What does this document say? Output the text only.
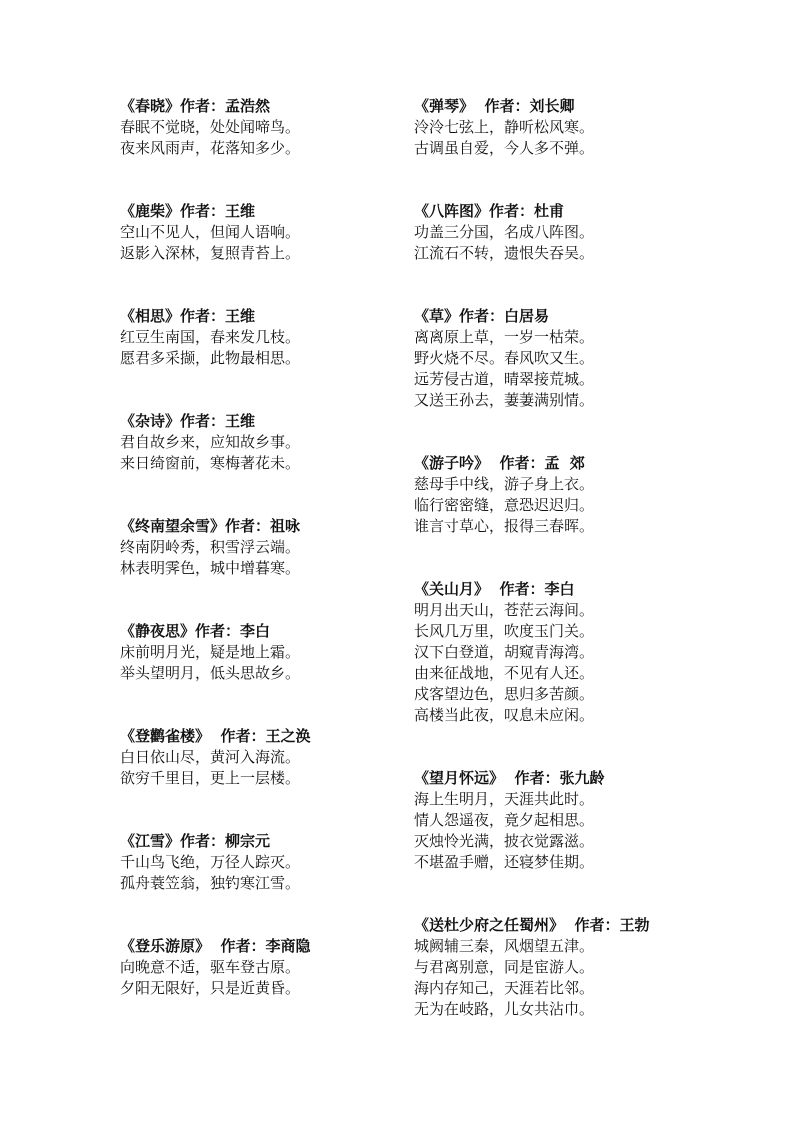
《春晓》作者：孟浩然
春眠不觉晓，处处闻啼鸟。
夜来风雨声，花落知多少。
《鹿柴》作者：王维
空山不见人，但闻人语响。
返影入深林，复照青苔上。
《相思》作者：王维
红豆生南国，春来发几枝。
愿君多采撷，此物最相思。
《杂诗》作者：王维
君自故乡来，应知故乡事。
来日绮窗前，寒梅著花未。
《终南望余雪》作者：祖咏
终南阴岭秀，积雪浮云端。
林表明霁色，城中增暮寒。
《静夜思》作者：李白
床前明月光，疑是地上霜。
举头望明月，低头思故乡。
《登鹳雀楼》  作者：王之涣
白日依山尽，黄河入海流。
欲穷千里目，更上一层楼。
《江雪》作者：柳宗元
千山鸟飞绝，万径人踪灭。
孤舟蓑笠翁，独钓寒江雪。
《登乐游原》  作者：李商隐
向晚意不适，驱车登古原。
夕阳无限好，只是近黄昏。
《弹琴》  作者：刘长卿
泠泠七弦上，静听松风寒。
古调虽自爱，今人多不弹。
《八阵图》作者：杜甫
功盖三分国，名成八阵图。
江流石不转，遗恨失吞吴。
《草》作者：白居易
离离原上草，一岁一枯荣。
野火烧不尽。春风吹又生。
远芳侵古道，晴翠接荒城。
又送王孙去，萋萋满别情。
《游子吟》  作者：孟  郊
慈母手中线，游子身上衣。
临行密密缝，意恐迟迟归。
谁言寸草心，报得三春晖。
《关山月》  作者：李白
明月出天山，苍茫云海间。
长风几万里，吹度玉门关。
汉下白登道，胡窥青海湾。
由来征战地，不见有人还。
戍客望边色，思归多苦颜。
高楼当此夜，叹息未应闲。
《望月怀远》  作者：张九龄
海上生明月，天涯共此时。
情人怨遥夜，竟夕起相思。
灭烛怜光满，披衣觉露滋。
不堪盈手赠，还寝梦佳期。
《送杜少府之任蜀州》  作者：王勃
城阙辅三秦，风烟望五津。
与君离别意，同是宦游人。
海内存知己，天涯若比邻。
无为在岐路，儿女共沾巾。
